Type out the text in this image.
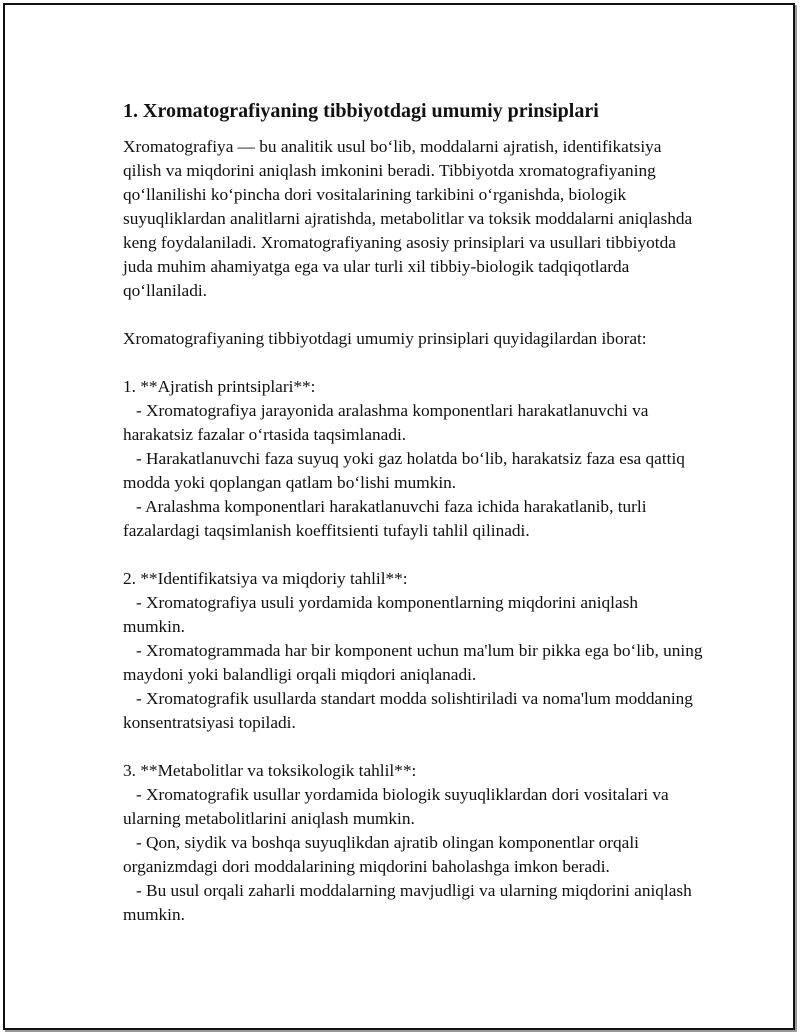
1. Xromatografiyaning tibbiyotdagi umumiy prinsiplari

Xromatografiya — bu analitik usul bo‘lib, moddalarni ajratish, identifikatsiya qilish va miqdorini aniqlash imkonini beradi. Tibbiyotda xromatografiyaning qo‘llanilishi ko‘pincha dori vositalarining tarkibini o‘rganishda, biologik suyuqliklardan analitlarni ajratishda, metabolitlar va toksik moddalarni aniqlashda keng foydalaniladi. Xromatografiyaning asosiy prinsiplari va usullari tibbiyotda juda muhim ahamiyatga ega va ular turli xil tibbiy-biologik tadqiqotlarda qo‘llaniladi.

Xromatografiyaning tibbiyotdagi umumiy prinsiplari quyidagilardan iborat:

1. **Ajratish printsiplari**:

- Xromatografiya jarayonida aralashma komponentlari harakatlanuvchi va harakatsiz fazalar o‘rtasida taqsimlanadi.

- Harakatlanuvchi faza suyuq yoki gaz holatda bo‘lib, harakatsiz faza esa qattiq modda yoki qoplangan qatlam bo‘lishi mumkin.

- Aralashma komponentlari harakatlanuvchi faza ichida harakatlanib, turli fazalardagi taqsimlanish koeffitsienti tufayli tahlil qilinadi.

2. **Identifikatsiya va miqdoriy tahlil**:

- Xromatografiya usuli yordamida komponentlarning miqdorini aniqlash mumkin.

- Xromatogrammada har bir komponent uchun ma'lum bir pikka ega bo‘lib, uning maydoni yoki balandligi orqali miqdori aniqlanadi.

- Xromatografik usullarda standart modda solishtiriladi va noma'lum moddaning konsentratsiyasi topiladi.

3. **Metabolitlar va toksikologik tahlil**:

- Xromatografik usullar yordamida biologik suyuqliklardan dori vositalari va ularning metabolitlarini aniqlash mumkin.

- Qon, siydik va boshqa suyuqlikdan ajratib olingan komponentlar orqali organizmdagi dori moddalarining miqdorini baholashga imkon beradi.

- Bu usul orqali zaharli moddalarning mavjudligi va ularning miqdorini aniqlash mumkin.
